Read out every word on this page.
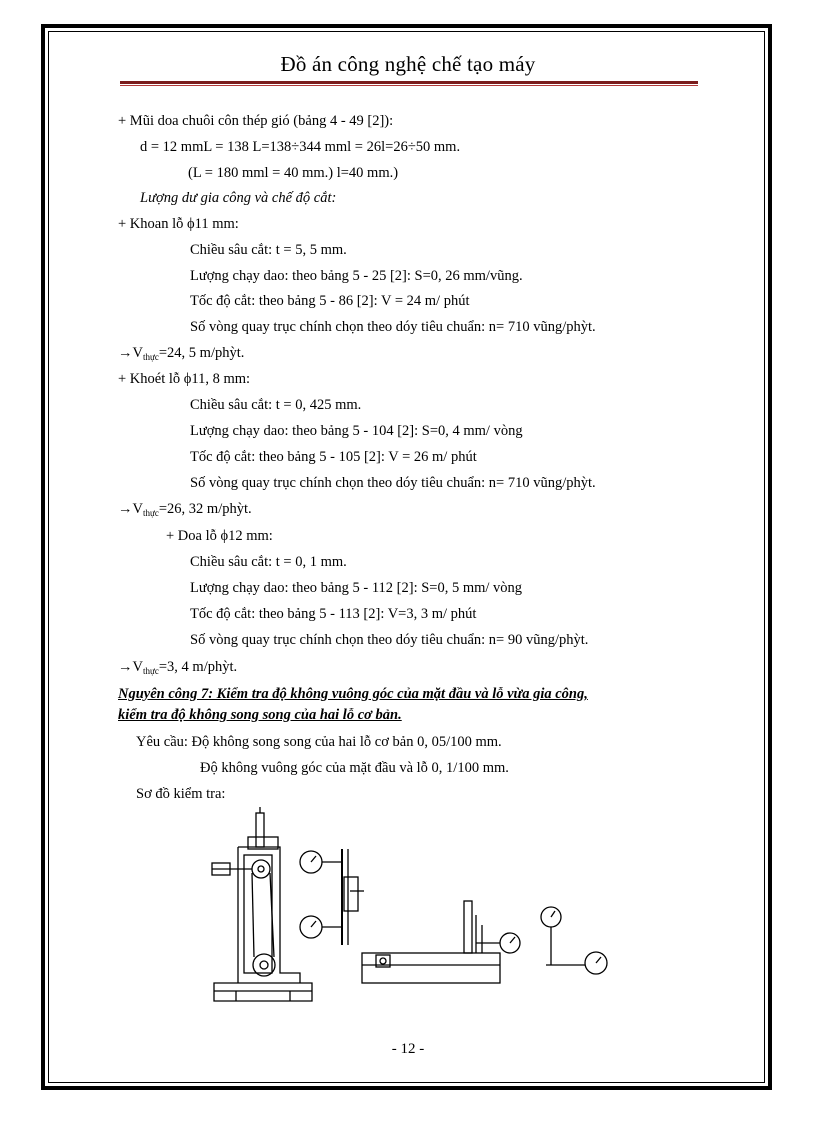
Đồ án công nghệ chế tạo máy
+ Mũi doa chuôi côn thép gió (bảng 4 - 49 [2]):
d = 12 mmL = 138 L=138÷344 mml = 26l=26÷50 mm.
(L = 180 mml = 40 mm.) l=40 mm.)
Lượng dư gia công và chế độ cắt:
+ Khoan lỗ ϕ11 mm:
Chiều sâu cắt: t = 5, 5 mm.
Lượng chạy dao: theo bảng 5 - 25 [2]: S=0, 26 mm/vũng.
Tốc độ cắt: theo bảng 5 - 86 [2]: V = 24 m/ phút
Số vòng quay trục chính chọn theo dóy tiêu chuẩn: n= 710 vũng/phỳt.
$\to V_{thực}=24$, 5 m/phỳt.
+ Khoét lỗ ϕ11, 8 mm:
Chiều sâu cắt: t = 0, 425 mm.
Lượng chạy dao: theo bảng 5 - 104 [2]: S=0, 4 mm/ vòng
Tốc độ cắt: theo bảng 5 - 105 [2]: V = 26 m/ phút
Số vòng quay trục chính chọn theo dóy tiêu chuẩn: n= 710 vũng/phỳt.
$\to V_{thực}=26$, 32 m/phỳt.
+ Doa lỗ ϕ12 mm:
Chiều sâu cắt: t = 0, 1 mm.
Lượng chạy dao: theo bảng 5 - 112 [2]: S=0, 5 mm/ vòng
Tốc độ cắt: theo bảng 5 - 113 [2]: V=3, 3 m/ phút
Số vòng quay trục chính chọn theo dóy tiêu chuẩn: n= 90 vũng/phỳt.
$\to V_{thực}=3$, 4 m/phỳt.
Nguyên công 7: Kiểm tra độ không vuông góc của mặt đầu và lỗ vừa gia công,
kiểm tra độ không song song của hai lỗ cơ bản.
Yêu cầu: Độ không song song của hai lỗ cơ bản 0, 05/100 mm.
Độ không vuông góc của mặt đầu và lỗ 0, 1/100 mm.
Sơ đồ kiểm tra:
- 12 -
